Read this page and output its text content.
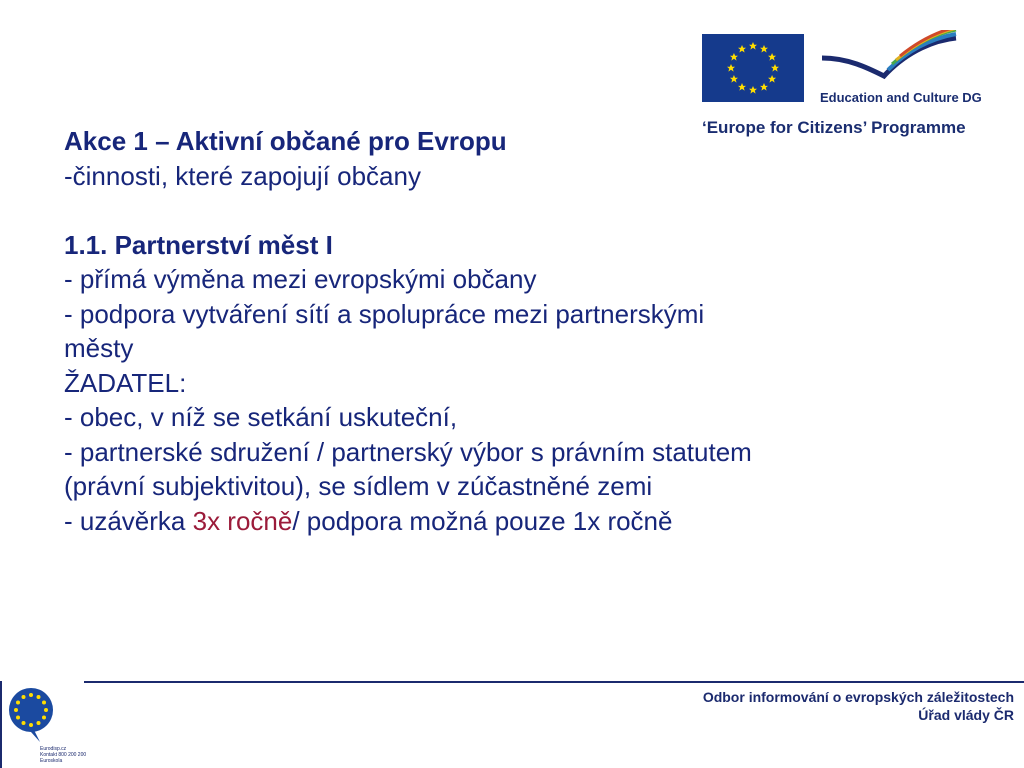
Education and Culture DG
‘Europe for Citizens’ Programme
Akce 1 – Aktivní občané pro Evropu
-činnosti, které zapojují občany
1.1. Partnerství měst I
- přímá výměna mezi evropskými občany
- podpora vytváření sítí a spolupráce mezi partnerskými
městy
ŽADATEL:
- obec, v níž se setkání uskuteční,
- partnerské sdružení / partnerský výbor s právním statutem
(právní subjektivitou), se sídlem v zúčastněné zemi
- uzávěrka 3x ročně/ podpora možná pouze 1x ročně
Eurodisp.cz
Kontakt 800 200 200
Euroskola
Odbor informování o evropských záležitostech
Úřad vlády ČR
